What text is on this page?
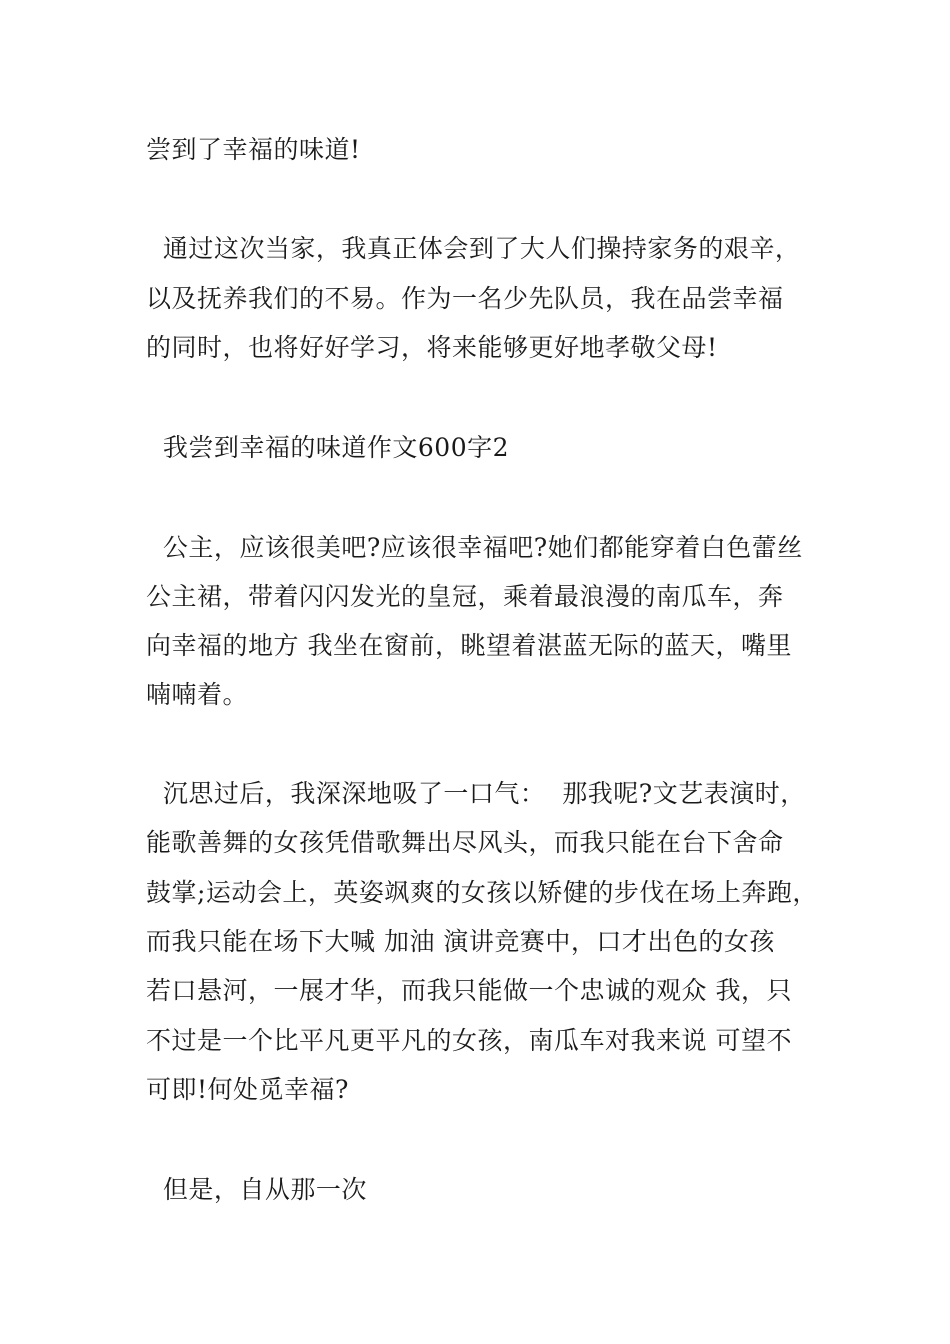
尝到了幸福的味道!
通过这次当家，我真正体会到了大人们操持家务的艰辛，
以及抚养我们的不易。作为一名少先队员，我在品尝幸福
的同时，也将好好学习，将来能够更好地孝敬父母!
我尝到幸福的味道作文600字2
公主，应该很美吧?应该很幸福吧?她们都能穿着白色蕾丝
公主裙，带着闪闪发光的皇冠，乘着最浪漫的南瓜车，奔
向幸福的地方 我坐在窗前，眺望着湛蓝无际的蓝天，嘴里
喃喃着。
沉思过后，我深深地吸了一口气：  那我呢?文艺表演时，
能歌善舞的女孩凭借歌舞出尽风头，而我只能在台下舍命
鼓掌;运动会上，英姿飒爽的女孩以矫健的步伐在场上奔跑，
而我只能在场下大喊 加油 演讲竞赛中，口才出色的女孩
若口悬河，一展才华，而我只能做一个忠诚的观众 我，只
不过是一个比平凡更平凡的女孩，南瓜车对我来说 可望不
可即!何处觅幸福?
但是，自从那一次
